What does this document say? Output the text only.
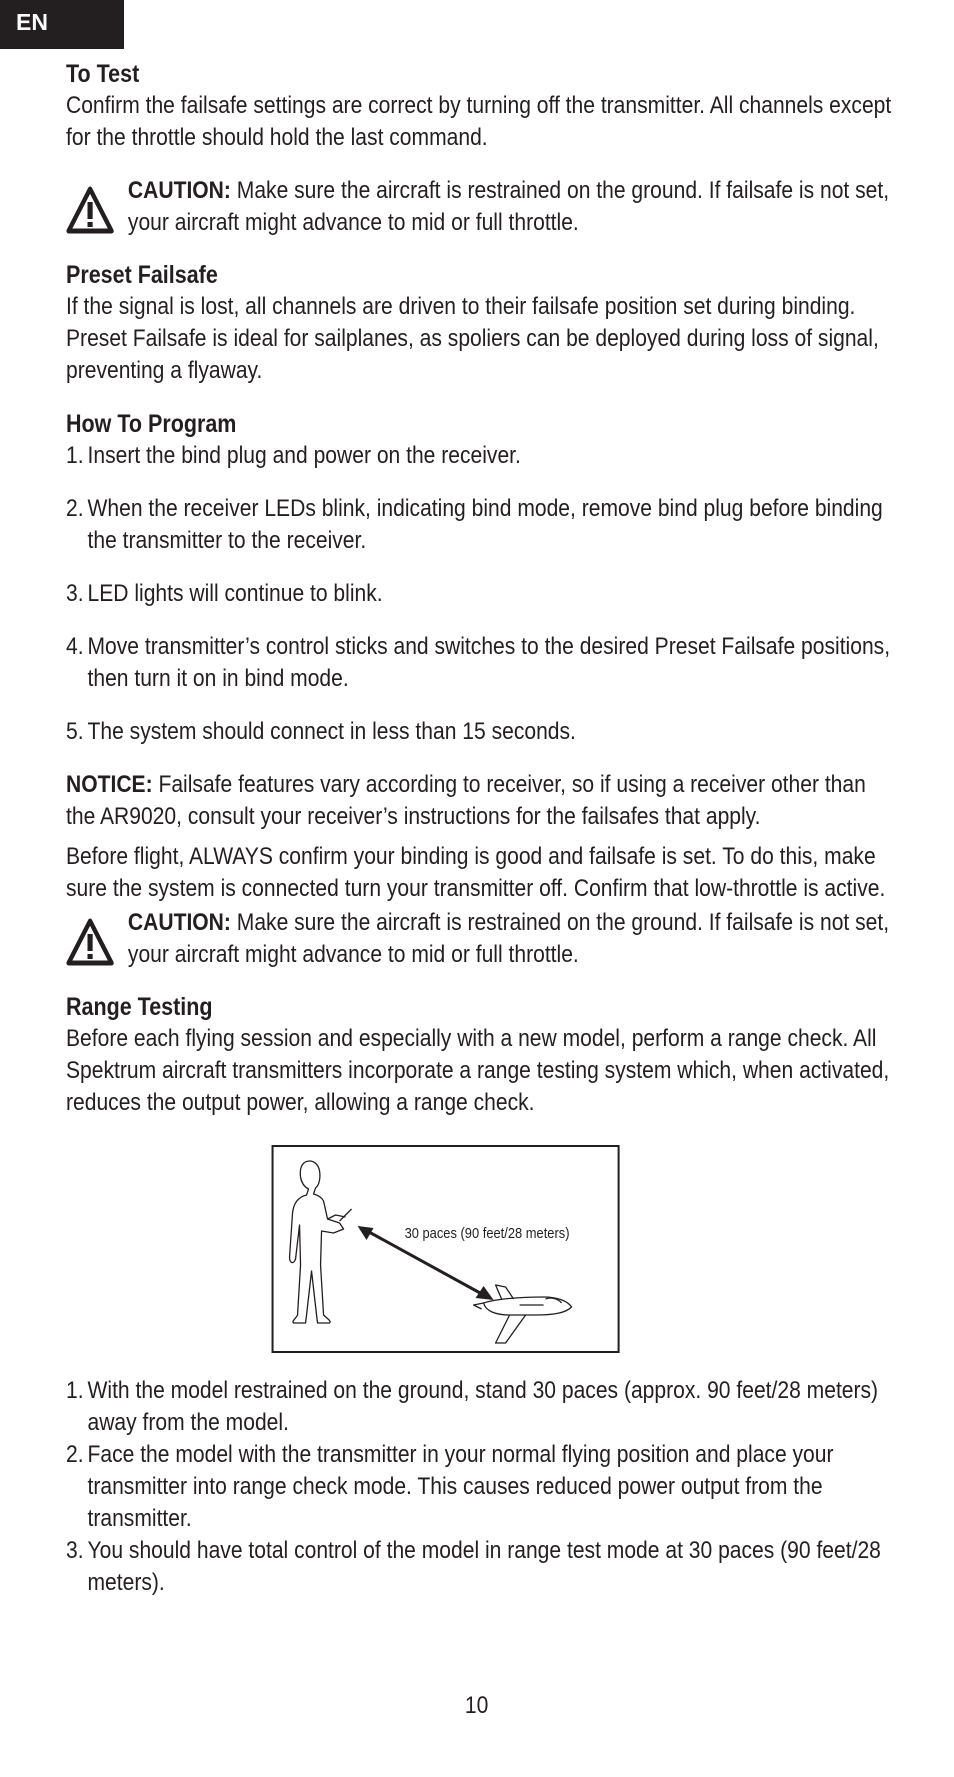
EN
To Test

Confirm the failsafe settings are correct by turning off the transmitter. All channels except for the throttle should hold the last command.

CAUTION: Make sure the aircraft is restrained on the ground. If failsafe is not set, your aircraft might advance to mid or full throttle.

Preset Failsafe

If the signal is lost, all channels are driven to their failsafe position set during binding. Preset Failsafe is ideal for sailplanes, as spoliers can be deployed during loss of signal, preventing a flyaway.

How To Program
1. Insert the bind plug and power on the receiver.
2. When the receiver LEDs blink, indicating bind mode, remove bind plug before binding the transmitter to the receiver.
3. LED lights will continue to blink.
4. Move transmitter’s control sticks and switches to the desired Preset Failsafe positions, then turn it on in bind mode.
5. The system should connect in less than 15 seconds.

NOTICE: Failsafe features vary according to receiver, so if using a receiver other than the AR9020, consult your receiver’s instructions for the failsafes that apply.

Before flight, ALWAYS confirm your binding is good and failsafe is set. To do this, make sure the system is connected turn your transmitter off. Confirm that low-throttle is active.

CAUTION: Make sure the aircraft is restrained on the ground. If failsafe is not set, your aircraft might advance to mid or full throttle.

Range Testing

Before each flying session and especially with a new model, perform a range check. All Spektrum aircraft transmitters incorporate a range testing system which, when activated, reduces the output power, allowing a range check.

30 paces (90 feet/28 meters)
1. With the model restrained on the ground, stand 30 paces (approx. 90 feet/28 meters) away from the model.
2. Face the model with the transmitter in your normal flying position and place your transmitter into range check mode. This causes reduced power output from the transmitter.
3. You should have total control of the model in range test mode at 30 paces (90 feet/28 meters).
10
